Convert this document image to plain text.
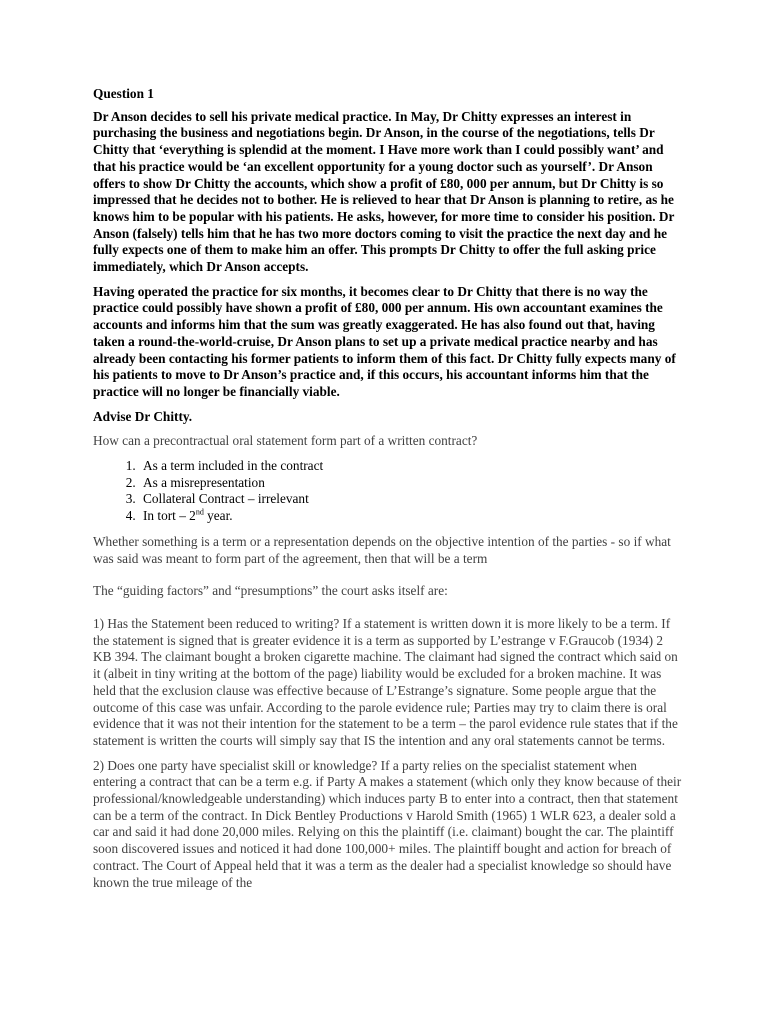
Question 1

Dr Anson decides to sell his private medical practice. In May, Dr Chitty expresses an interest in purchasing the business and negotiations begin. Dr Anson, in the course of the negotiations, tells Dr Chitty that ‘everything is splendid at the moment. I Have more work than I could possibly want’ and that his practice would be ‘an excellent opportunity for a young doctor such as yourself’. Dr Anson offers to show Dr Chitty the accounts, which show a profit of £80, 000 per annum, but Dr Chitty is so impressed that he decides not to bother. He is relieved to hear that Dr Anson is planning to retire, as he knows him to be popular with his patients. He asks, however, for more time to consider his position. Dr Anson (falsely) tells him that he has two more doctors coming to visit the practice the next day and he fully expects one of them to make him an offer. This prompts Dr Chitty to offer the full asking price immediately, which Dr Anson accepts.

Having operated the practice for six months, it becomes clear to Dr Chitty that there is no way the practice could possibly have shown a profit of £80, 000 per annum. His own accountant examines the accounts and informs him that the sum was greatly exaggerated. He has also found out that, having taken a round-the-world-cruise, Dr Anson plans to set up a private medical practice nearby and has already been contacting his former patients to inform them of this fact. Dr Chitty fully expects many of his patients to move to Dr Anson’s practice and, if this occurs, his accountant informs him that the practice will no longer be financially viable.

Advise Dr Chitty.

How can a precontractual oral statement form part of a written contract?

1. As a term included in the contract
2. As a misrepresentation
3. Collateral Contract – irrelevant
4. In tort – 2nd year.

Whether something is a term or a representation depends on the objective intention of the parties - so if what was said was meant to form part of the agreement, then that will be a term

The “guiding factors” and “presumptions” the court asks itself are:

1) Has the Statement been reduced to writing? If a statement is written down it is more likely to be a term. If the statement is signed that is greater evidence it is a term as supported by L’estrange v F.Graucob (1934) 2 KB 394. The claimant bought a broken cigarette machine. The claimant had signed the contract which said on it (albeit in tiny writing at the bottom of the page) liability would be excluded for a broken machine. It was held that the exclusion clause was effective because of L’Estrange’s signature. Some people argue that the outcome of this case was unfair. According to the parole evidence rule; Parties may try to claim there is oral evidence that it was not their intention for the statement to be a term – the parol evidence rule states that if the statement is written the courts will simply say that IS the intention and any oral statements cannot be terms.

2) Does one party have specialist skill or knowledge? If a party relies on the specialist statement when entering a contract that can be a term e.g. if Party A makes a statement (which only they know because of their professional/knowledgeable understanding) which induces party B to enter into a contract, then that statement can be a term of the contract. In Dick Bentley Productions v Harold Smith (1965) 1 WLR 623, a dealer sold a car and said it had done 20,000 miles. Relying on this the plaintiff (i.e. claimant) bought the car. The plaintiff soon discovered issues and noticed it had done 100,000+ miles. The plaintiff bought and action for breach of contract. The Court of Appeal held that it was a term as the dealer had a specialist knowledge so should have known the true mileage of the
